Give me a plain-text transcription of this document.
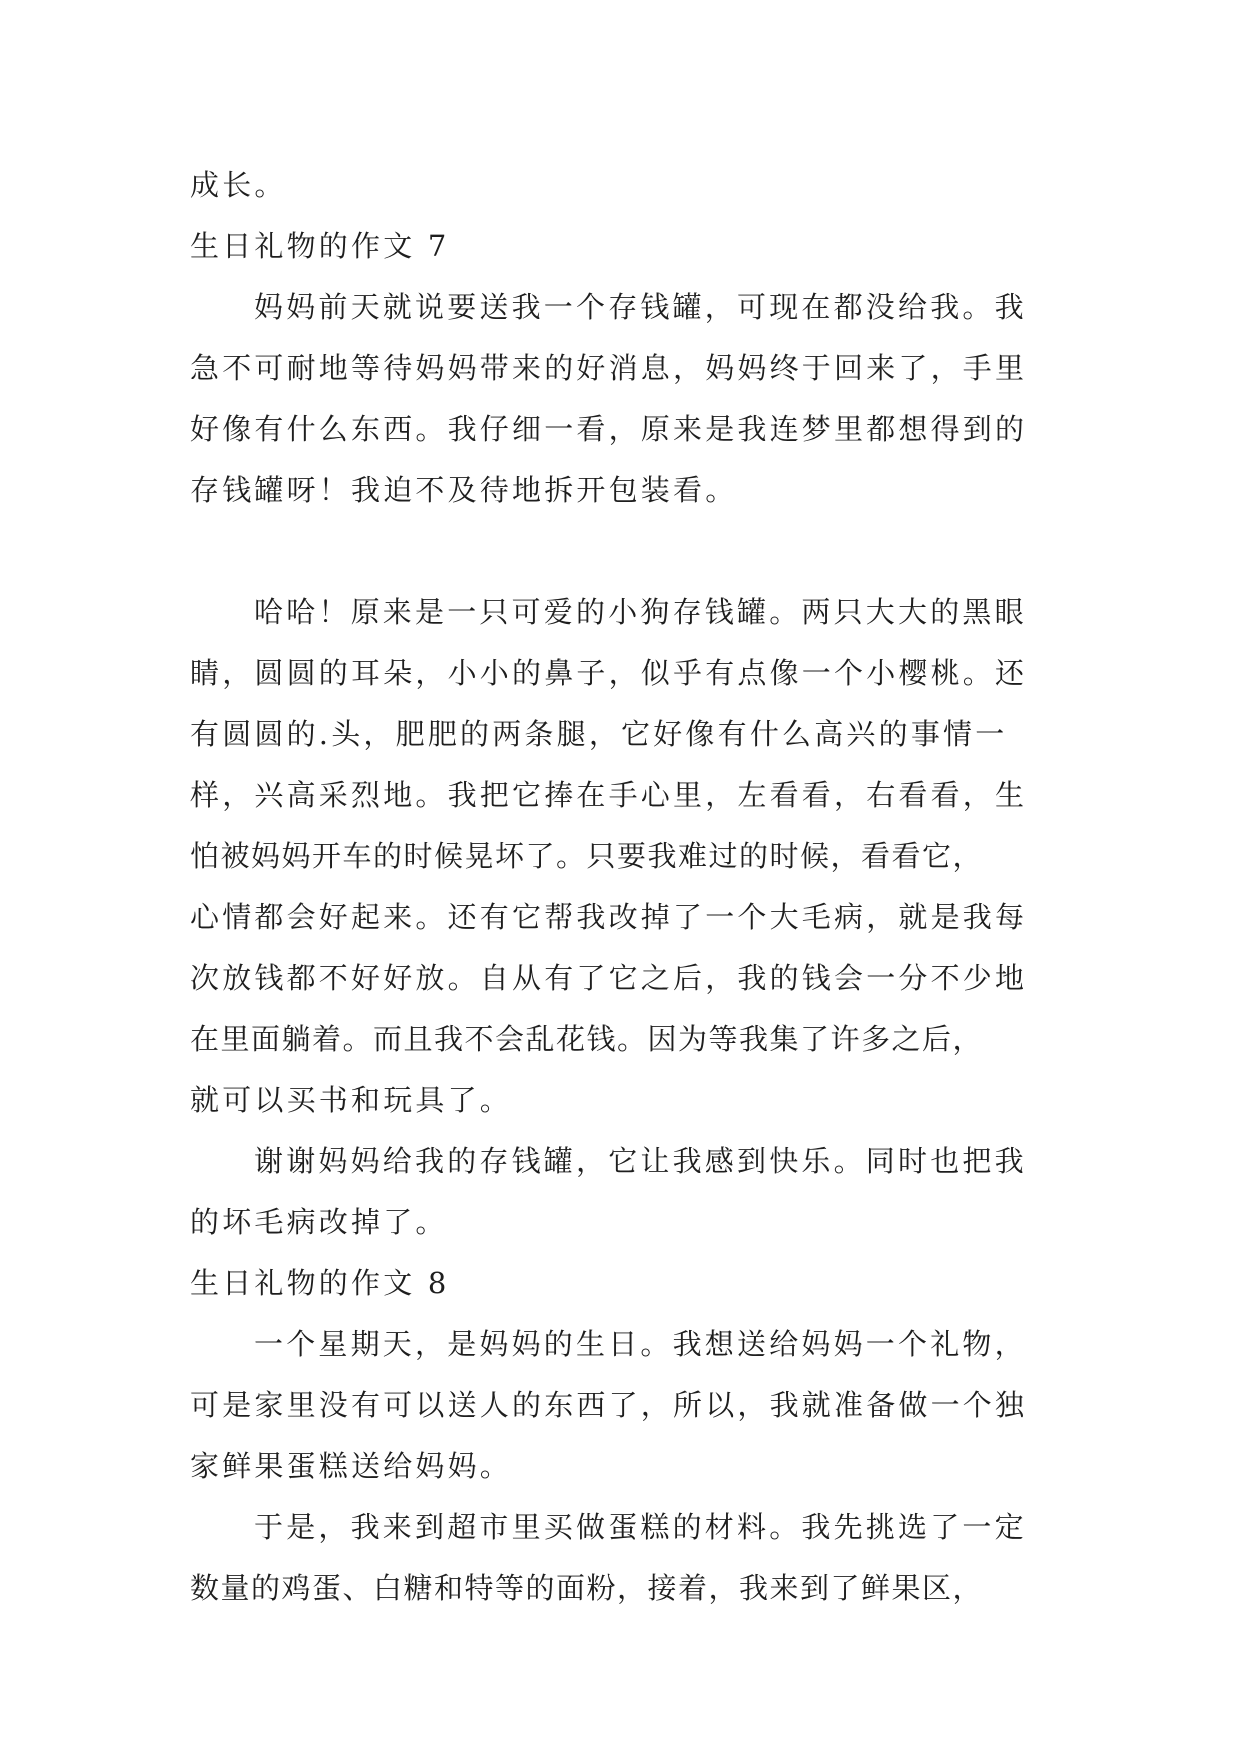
成长。
生日礼物的作文 7
妈妈前天就说要送我一个存钱罐，可现在都没给我。我
急不可耐地等待妈妈带来的好消息，妈妈终于回来了，手里
好像有什么东西。我仔细一看，原来是我连梦里都想得到的
存钱罐呀！我迫不及待地拆开包装看。
哈哈！原来是一只可爱的小狗存钱罐。两只大大的黑眼
睛，圆圆的耳朵，小小的鼻子，似乎有点像一个小樱桃。还
有圆圆的.头，肥肥的两条腿，它好像有什么高兴的事情一
样，兴高采烈地。我把它捧在手心里，左看看，右看看，生
怕被妈妈开车的时候晃坏了。只要我难过的时候，看看它，
心情都会好起来。还有它帮我改掉了一个大毛病，就是我每
次放钱都不好好放。自从有了它之后，我的钱会一分不少地
在里面躺着。而且我不会乱花钱。因为等我集了许多之后，
就可以买书和玩具了。
谢谢妈妈给我的存钱罐，它让我感到快乐。同时也把我
的坏毛病改掉了。
生日礼物的作文 8
一个星期天，是妈妈的生日。我想送给妈妈一个礼物，
可是家里没有可以送人的东西了，所以，我就准备做一个独
家鲜果蛋糕送给妈妈。
于是，我来到超市里买做蛋糕的材料。我先挑选了一定
数量的鸡蛋、白糖和特等的面粉，接着，我来到了鲜果区，
